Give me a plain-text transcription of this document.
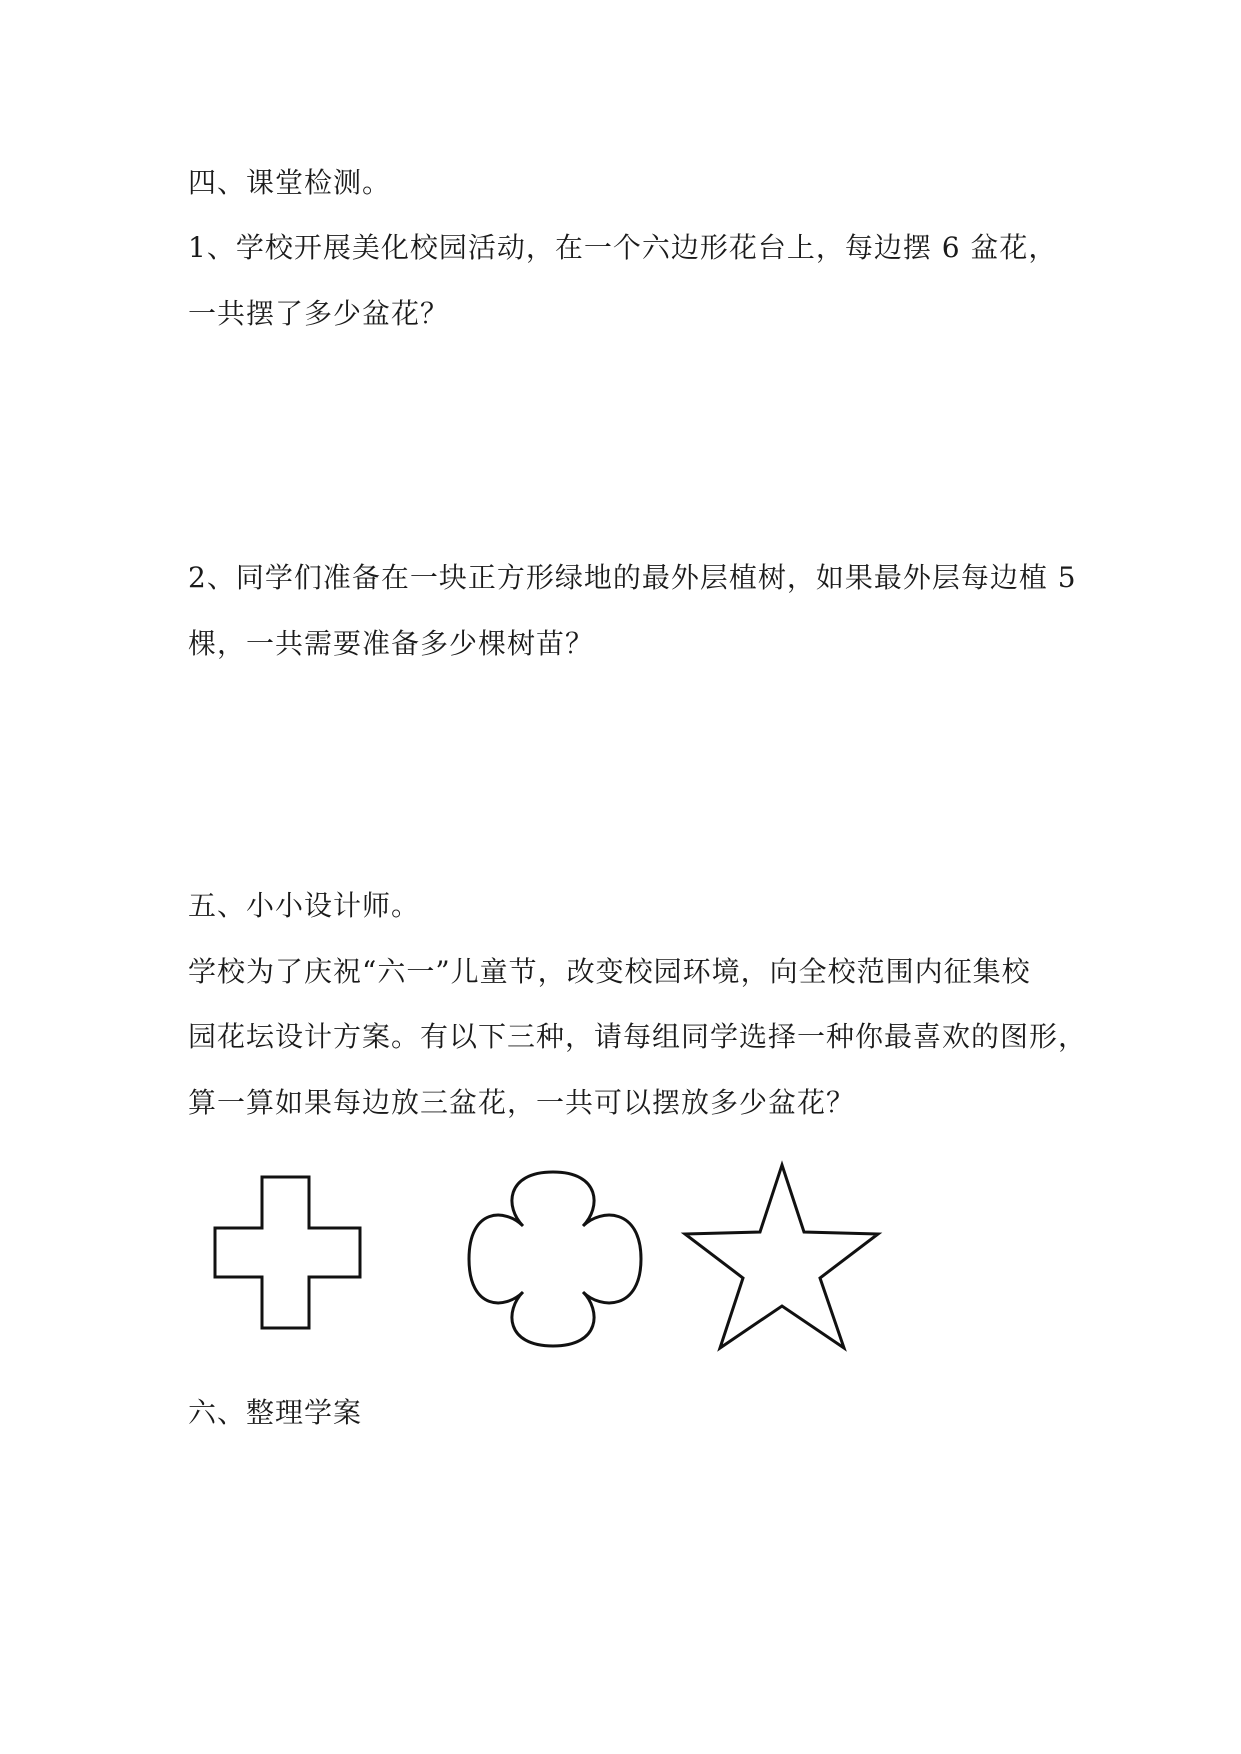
四、课堂检测。
1、学校开展美化校园活动，在一个六边形花台上，每边摆 6 盆花，
一共摆了多少盆花？
2、同学们准备在一块正方形绿地的最外层植树，如果最外层每边植 5
棵，一共需要准备多少棵树苗？
五、小小设计师。
学校为了庆祝“六一”儿童节，改变校园环境，向全校范围内征集校
园花坛设计方案。有以下三种，请每组同学选择一种你最喜欢的图形，
算一算如果每边放三盆花，一共可以摆放多少盆花？
六、整理学案
